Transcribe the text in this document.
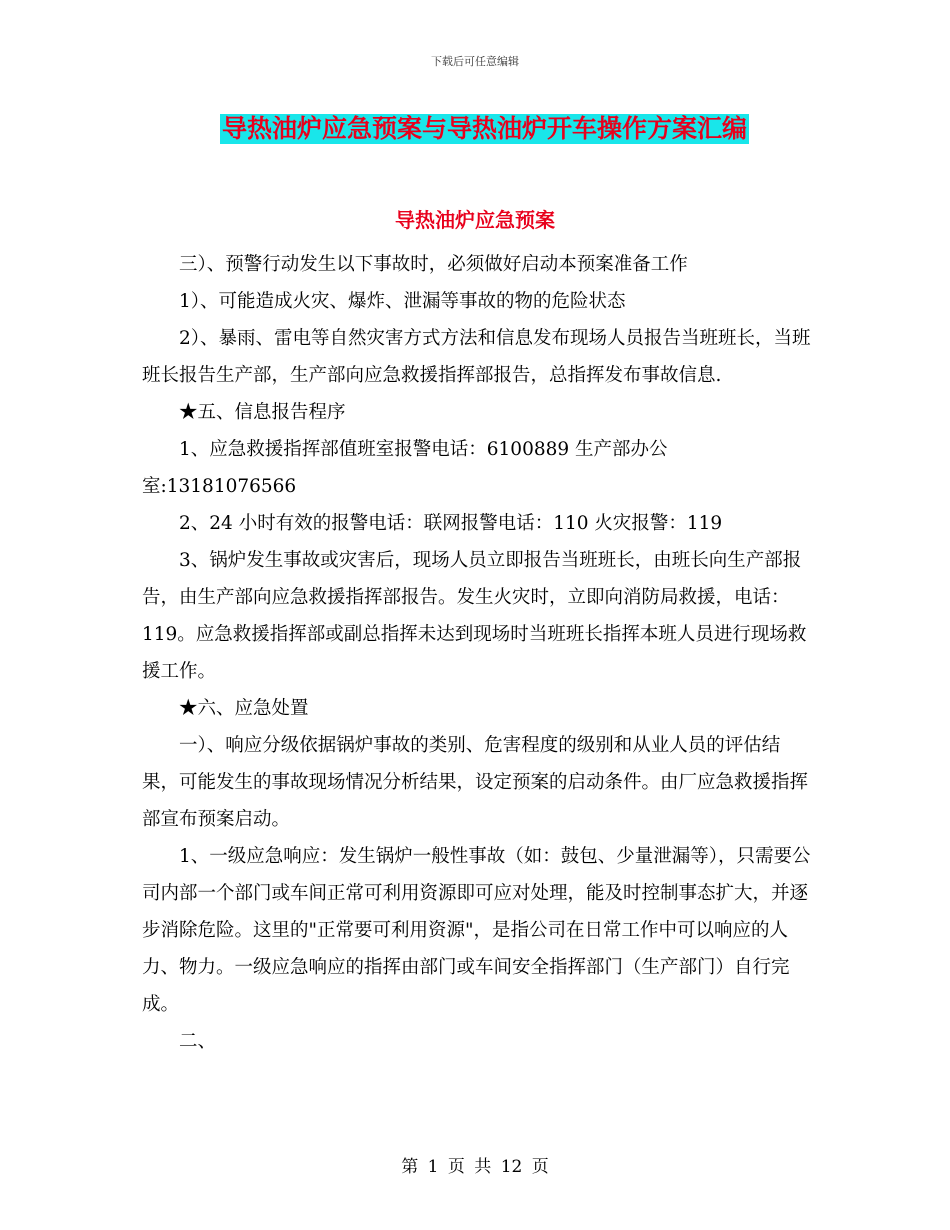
下载后可任意编辑
导热油炉应急预案与导热油炉开车操作方案汇编
导热油炉应急预案

三）、预警行动发生以下事故时，必须做好启动本预案准备工作

1）、可能造成火灾、爆炸、泄漏等事故的物的危险状态

2）、暴雨、雷电等自然灾害方式方法和信息发布现场人员报告当班班长，当班班长报告生产部，生产部向应急救援指挥部报告，总指挥发布事故信息.

★五、信息报告程序

1、应急救援指挥部值班室报警电话：6100889 生产部办公室:13181076566

2、24 小时有效的报警电话：联网报警电话：110 火灾报警：119

3、锅炉发生事故或灾害后，现场人员立即报告当班班长，由班长向生产部报告，由生产部向应急救援指挥部报告。发生火灾时，立即向消防局救援，电话：119。应急救援指挥部或副总指挥未达到现场时当班班长指挥本班人员进行现场救援工作。

★六、应急处置

一）、响应分级依据锅炉事故的类别、危害程度的级别和从业人员的评估结果，可能发生的事故现场情况分析结果，设定预案的启动条件。由厂应急救援指挥部宣布预案启动。

1、一级应急响应：发生锅炉一般性事故（如：鼓包、少量泄漏等），只需要公司内部一个部门或车间正常可利用资源即可应对处理，能及时控制事态扩大，并逐步消除危险。这里的"正常要可利用资源"，是指公司在日常工作中可以响应的人力、物力。一级应急响应的指挥由部门或车间安全指挥部门（生产部门）自行完成。

二、

第 1 页 共 12 页
